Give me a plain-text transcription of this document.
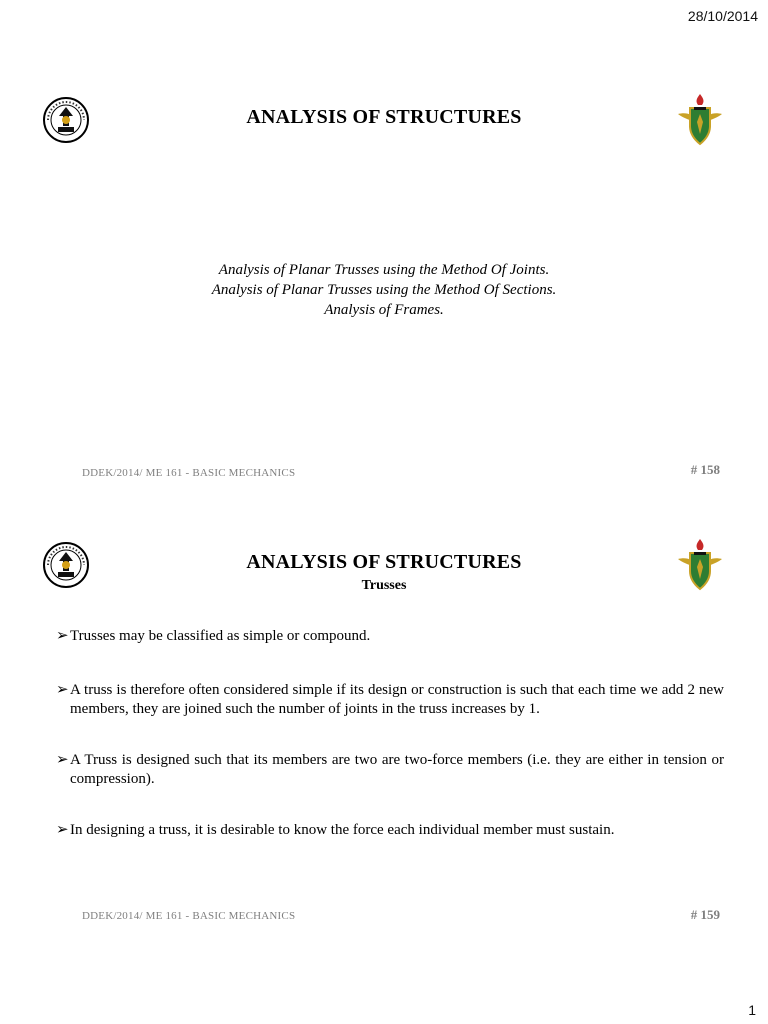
28/10/2014
ANALYSIS OF STRUCTURES
Analysis of Planar Trusses using the Method Of Joints.
Analysis of Planar Trusses using the Method Of Sections.
Analysis of Frames.
DDEK/2014/ ME 161 - BASIC MECHANICS	# 158
ANALYSIS OF STRUCTURES
Trusses
➢ Trusses may be classified as simple or compound.
➢ A truss is therefore often considered simple if its design or construction is such that each time we add 2 new members, they are joined such the number of joints in the truss increases by 1.
➢ A Truss is designed such that its members are two are two-force members (i.e. they are either in tension or compression).
➢ In designing a truss, it is desirable to know the force each individual member must sustain.
DDEK/2014/ ME 161 - BASIC MECHANICS	# 159
1
